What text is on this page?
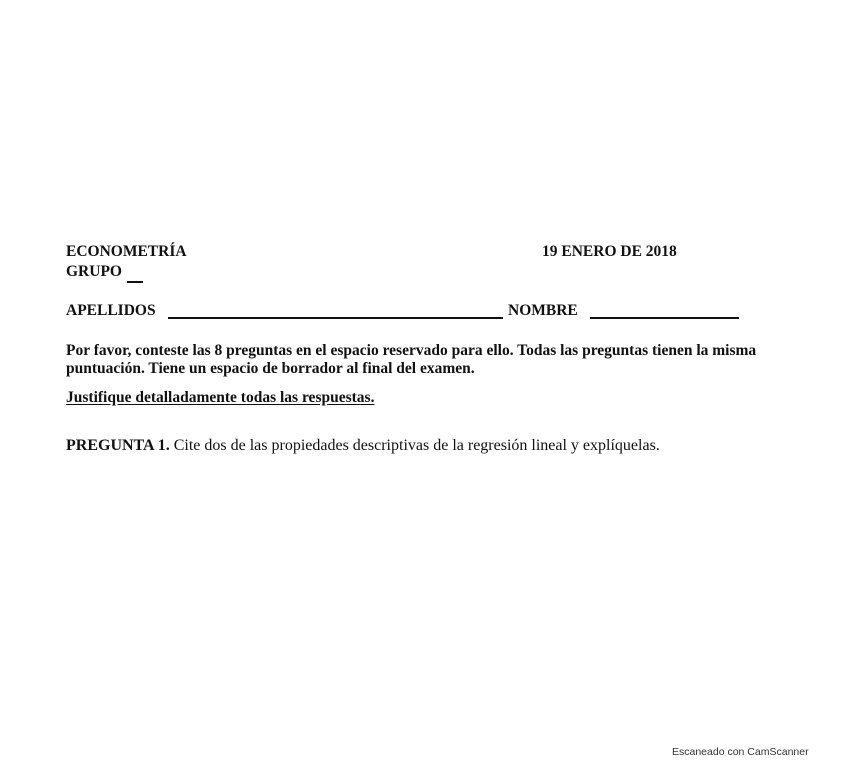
ECONOMETRÍA	19 ENERO DE 2018
GRUPO
APELLIDOS	NOMBRE
Por favor, conteste las 8 preguntas en el espacio reservado para ello. Todas las preguntas tienen la misma puntuación. Tiene un espacio de borrador al final del examen.
Justifique detalladamente todas las respuestas.
PREGUNTA 1. Cite dos de las propiedades descriptivas de la regresión lineal y explíquelas.
Escaneado con CamScanner
